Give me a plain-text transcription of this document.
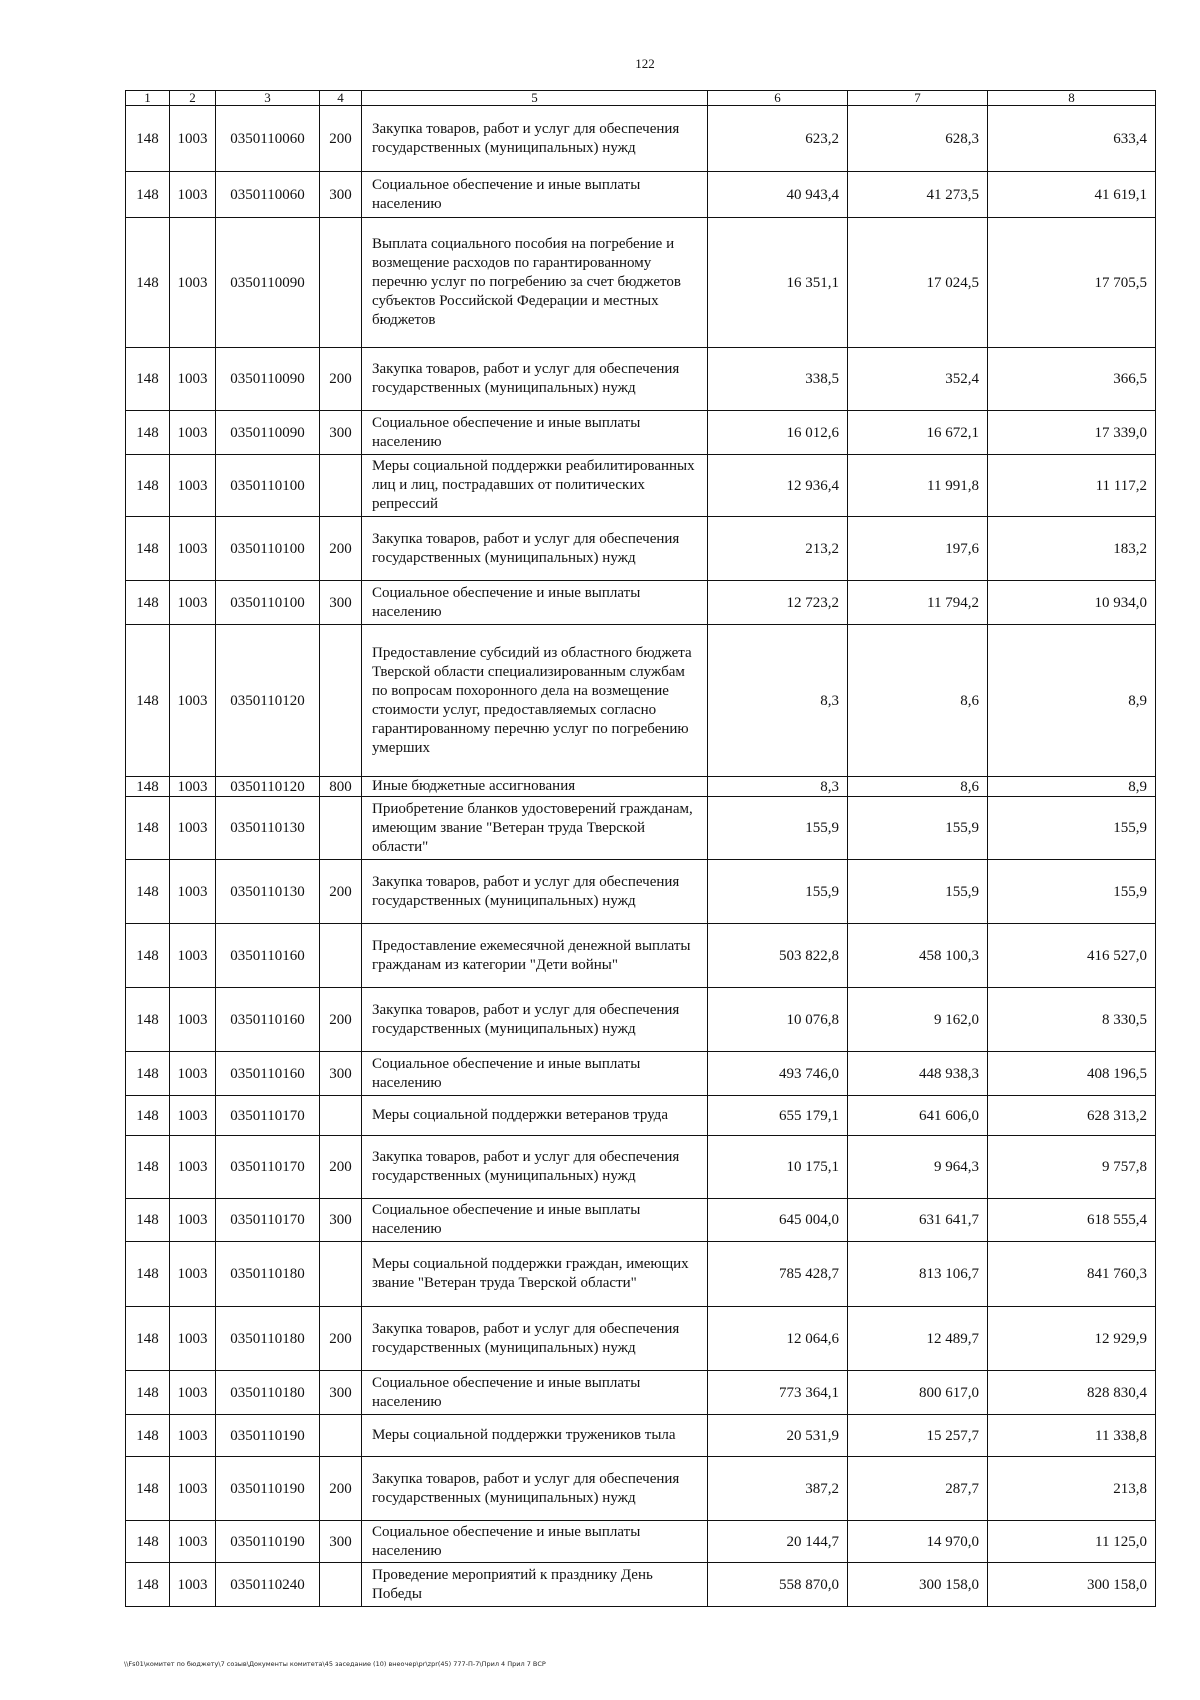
122
1	2	3	4	5	6	7	8
148	1003	0350110060	200	Закупка товаров, работ и услуг для обеспечения государственных (муниципальных) нужд	623,2	628,3	633,4
148	1003	0350110060	300	Социальное обеспечение и иные выплаты населению	40 943,4	41 273,5	41 619,1
148	1003	0350110090		Выплата социального пособия на погребение и возмещение расходов по гарантированному перечню услуг по погребению за счет бюджетов субъектов Российской Федерации и местных бюджетов	16 351,1	17 024,5	17 705,5
148	1003	0350110090	200	Закупка товаров, работ и услуг для обеспечения государственных (муниципальных) нужд	338,5	352,4	366,5
148	1003	0350110090	300	Социальное обеспечение и иные выплаты населению	16 012,6	16 672,1	17 339,0
148	1003	0350110100		Меры социальной поддержки реабилитированных лиц и лиц, пострадавших от политических репрессий	12 936,4	11 991,8	11 117,2
148	1003	0350110100	200	Закупка товаров, работ и услуг для обеспечения государственных (муниципальных) нужд	213,2	197,6	183,2
148	1003	0350110100	300	Социальное обеспечение и иные выплаты населению	12 723,2	11 794,2	10 934,0
148	1003	0350110120		Предоставление субсидий из областного бюджета Тверской области специализированным службам по вопросам похоронного дела на возмещение стоимости услуг, предоставляемых согласно гарантированному перечню услуг по погребению умерших	8,3	8,6	8,9
148	1003	0350110120	800	Иные бюджетные ассигнования	8,3	8,6	8,9
148	1003	0350110130		Приобретение бланков удостоверений гражданам, имеющим звание "Ветеран труда Тверской области"	155,9	155,9	155,9
148	1003	0350110130	200	Закупка товаров, работ и услуг для обеспечения государственных (муниципальных) нужд	155,9	155,9	155,9
148	1003	0350110160		Предоставление ежемесячной денежной выплаты гражданам из категории "Дети войны"	503 822,8	458 100,3	416 527,0
148	1003	0350110160	200	Закупка товаров, работ и услуг для обеспечения государственных (муниципальных) нужд	10 076,8	9 162,0	8 330,5
148	1003	0350110160	300	Социальное обеспечение и иные выплаты населению	493 746,0	448 938,3	408 196,5
148	1003	0350110170		Меры социальной поддержки ветеранов труда	655 179,1	641 606,0	628 313,2
148	1003	0350110170	200	Закупка товаров, работ и услуг для обеспечения государственных (муниципальных) нужд	10 175,1	9 964,3	9 757,8
148	1003	0350110170	300	Социальное обеспечение и иные выплаты населению	645 004,0	631 641,7	618 555,4
148	1003	0350110180		Меры социальной поддержки граждан, имеющих звание "Ветеран труда Тверской области"	785 428,7	813 106,7	841 760,3
148	1003	0350110180	200	Закупка товаров, работ и услуг для обеспечения государственных (муниципальных) нужд	12 064,6	12 489,7	12 929,9
148	1003	0350110180	300	Социальное обеспечение и иные выплаты населению	773 364,1	800 617,0	828 830,4
148	1003	0350110190		Меры социальной поддержки тружеников тыла	20 531,9	15 257,7	11 338,8
148	1003	0350110190	200	Закупка товаров, работ и услуг для обеспечения государственных (муниципальных) нужд	387,2	287,7	213,8
148	1003	0350110190	300	Социальное обеспечение и иные выплаты населению	20 144,7	14 970,0	11 125,0
148	1003	0350110240		Проведение мероприятий к празднику День Победы	558 870,0	300 158,0	300 158,0
\\Fs01\комитет по бюджету\7 созыв\Документы комитета\45 заседание (10) внеочер\pr\zpr(45) 777-П-7\Прил 4 Прил 7 ВСР
